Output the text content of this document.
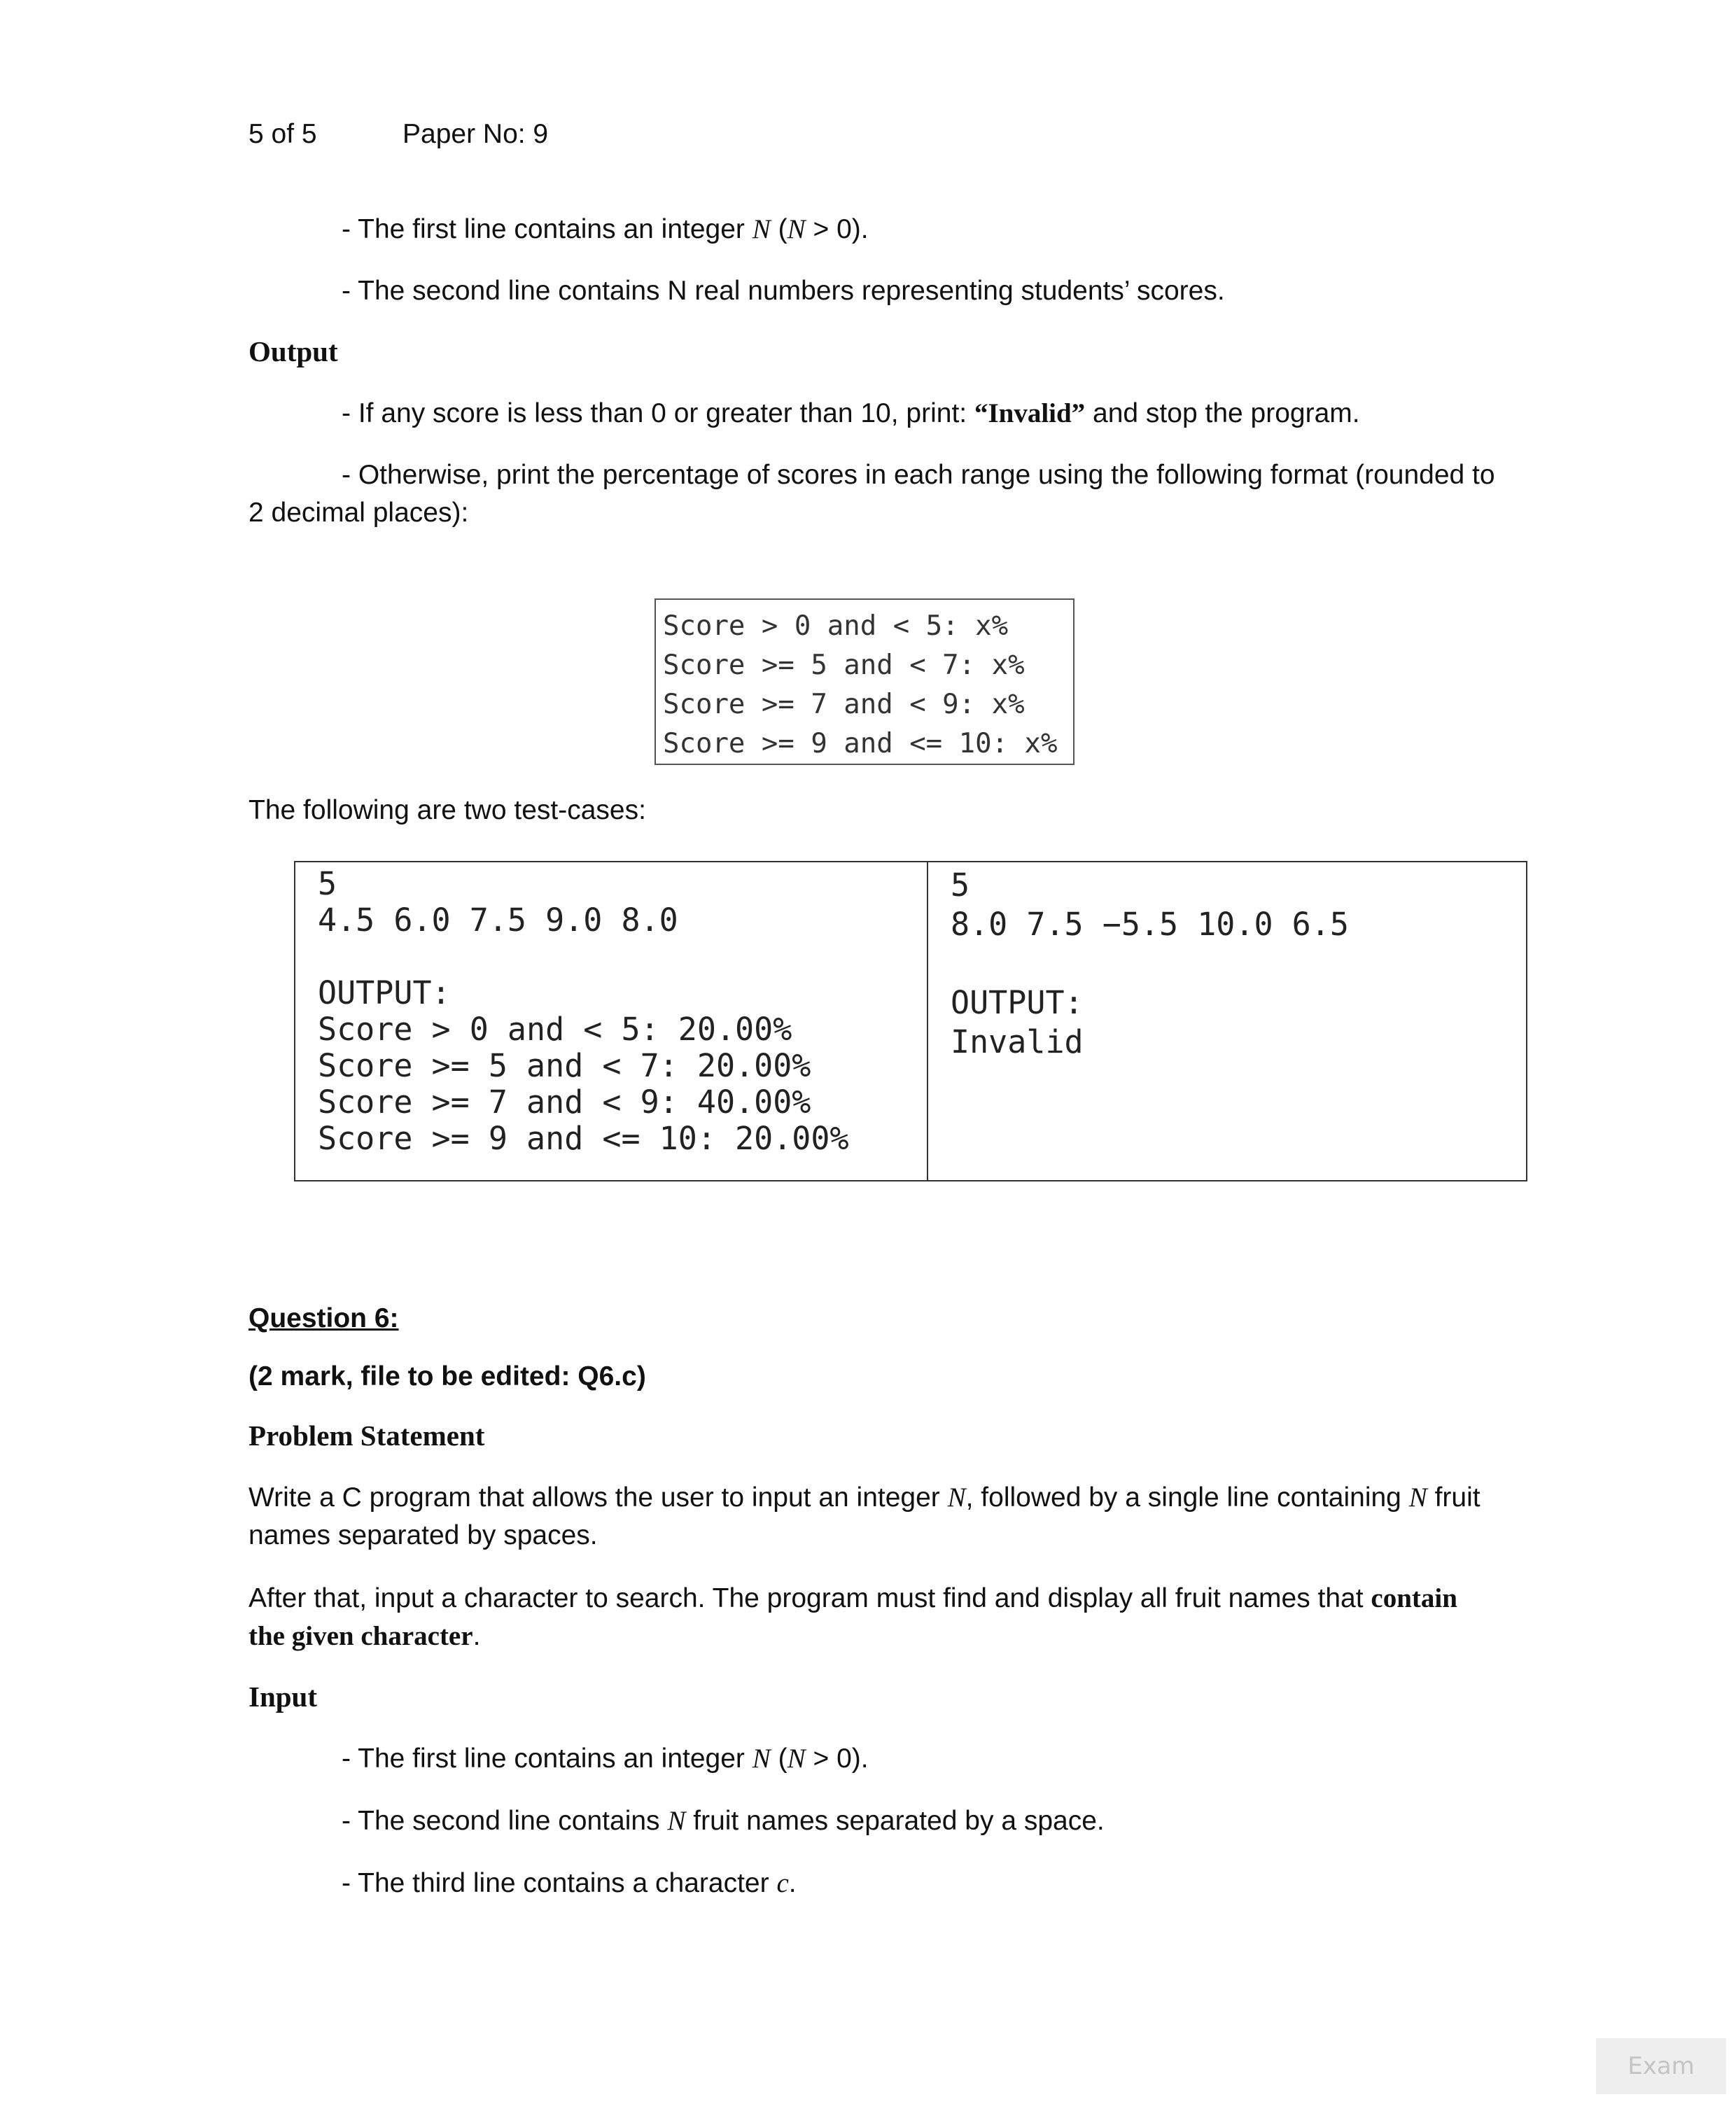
5 of 5	Paper No: 9
- The first line contains an integer N (N > 0).
- The second line contains N real numbers representing students’ scores.
Output
- If any score is less than 0 or greater than 10, print: “Invalid” and stop the program.
- Otherwise, print the percentage of scores in each range using the following format (rounded to
2 decimal places):
Score > 0 and < 5: x%
Score >= 5 and < 7: x%
Score >= 7 and < 9: x%
Score >= 9 and <= 10: x%
The following are two test-cases:
5
4.5 6.0 7.5 9.0 8.0
OUTPUT:
Score > 0 and < 5: 20.00%
Score >= 5 and < 7: 20.00%
Score >= 7 and < 9: 40.00%
Score >= 9 and <= 10: 20.00%
5
8.0 7.5 −5.5 10.0 6.5
OUTPUT:
Invalid
Question 6:
(2 mark, file to be edited: Q6.c)
Problem Statement
Write a C program that allows the user to input an integer N, followed by a single line containing N fruit
names separated by spaces.
After that, input a character to search. The program must find and display all fruit names that contain
the given character.
Input
- The first line contains an integer N (N > 0).
- The second line contains N fruit names separated by a space.
- The third line contains a character c.
Exam
